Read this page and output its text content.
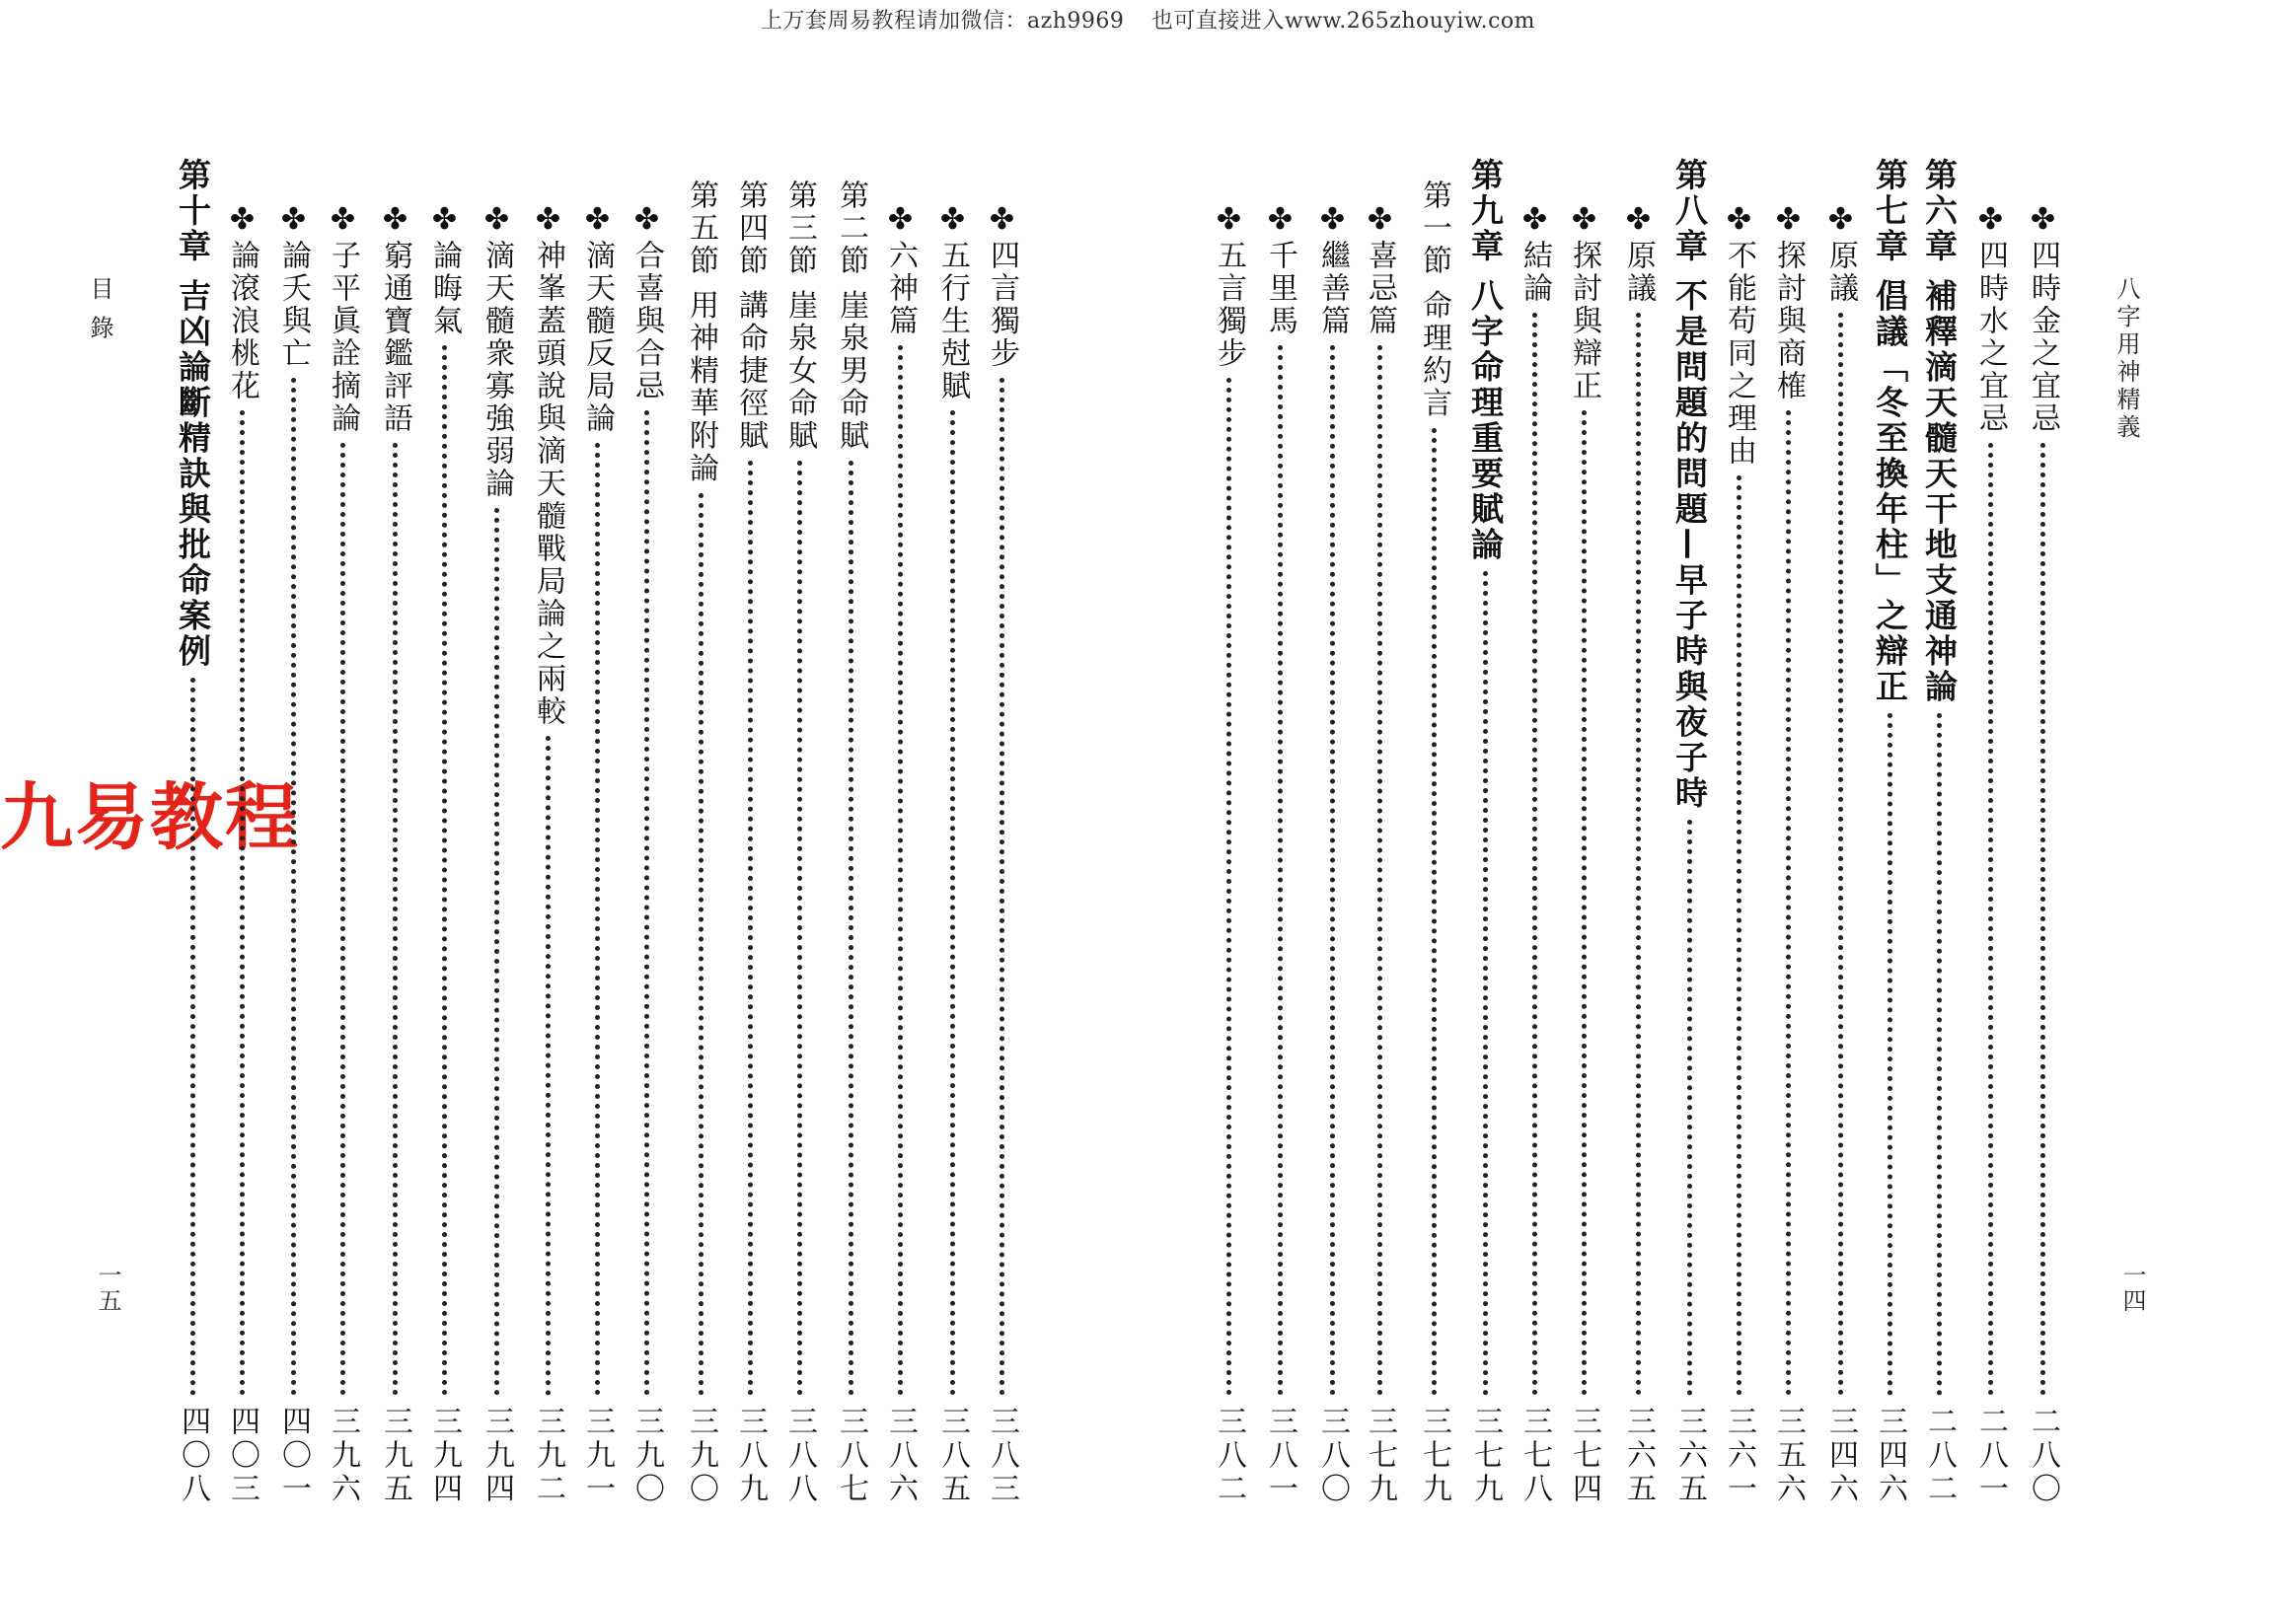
上万套周易教程请加微信：azh9969 也可直接进入www.265zhouyiw.com
九易教程
目 錄
一五
八字用神精義
一四
第十章 吉凶論斷精訣與批命案例
四〇八
✤論滾浪桃花
四〇三
✤論夭與亡
四〇一
✤子平眞詮摘論
三九六
✤窮通寶鑑評語
三九五
✤論晦氣
三九四
✤滴天髓衆寡強弱論
三九四
✤神峯蓋頭說與滴天髓戰局論之兩較
三九二
✤滴天髓反局論
三九一
✤合喜與合忌
三九〇
第五節 用神精華附論
三九〇
第四節 講命捷徑賦
三八九
第三節 崖泉女命賦
三八八
第二節 崖泉男命賦
三八七
✤六神篇
三八六
✤五行生尅賦
三八五
✤四言獨步
三八三
✤五言獨步
三八二
✤千里馬
三八一
✤繼善篇
三八〇
✤喜忌篇
三七九
第一節 命理約言
三七九
第九章 八字命理重要賦論
三七九
✤結論
三七八
✤探討與辯正
三七四
✤原議
三六五
第八章 不是問題的問題—早子時與夜子時
三六五
✤不能苟同之理由
三六一
✤探討與商榷
三五六
✤原議
三四六
第七章 倡議「冬至換年柱」之辯正
三四六
第六章 補釋滴天髓天干地支通神論
二八二
✤四時水之宜忌
二八一
✤四時金之宜忌
二八〇
